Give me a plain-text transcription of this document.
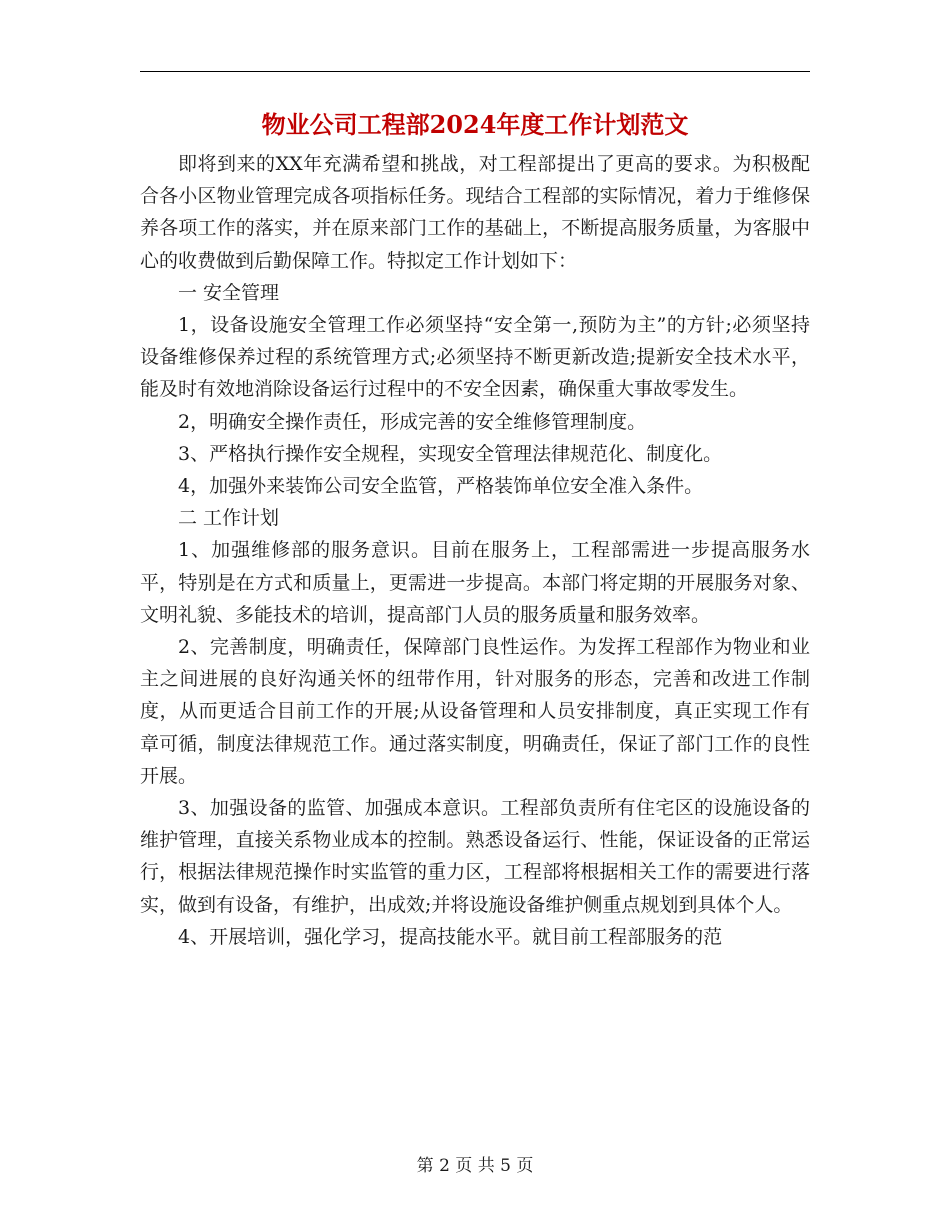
物业公司工程部2024年度工作计划范文

即将到来的XX年充满希望和挑战，对工程部提出了更高的要求。为积极配合各小区物业管理完成各项指标任务。现结合工程部的实际情况，着力于维修保养各项工作的落实，并在原来部门工作的基础上，不断提高服务质量，为客服中心的收费做到后勤保障工作。特拟定工作计划如下：

一 安全管理

1，设备设施安全管理工作必须坚持“安全第一,预防为主”的方针;必须坚持设备维修保养过程的系统管理方式;必须坚持不断更新改造;提新安全技术水平，能及时有效地消除设备运行过程中的不安全因素，确保重大事故零发生。

2，明确安全操作责任，形成完善的安全维修管理制度。

3、严格执行操作安全规程，实现安全管理法律规范化、制度化。

4，加强外来装饰公司安全监管，严格装饰单位安全准入条件。

二 工作计划

1、加强维修部的服务意识。目前在服务上，工程部需进一步提高服务水平，特别是在方式和质量上，更需进一步提高。本部门将定期的开展服务对象、文明礼貌、多能技术的培训，提高部门人员的服务质量和服务效率。

2、完善制度，明确责任，保障部门良性运作。为发挥工程部作为物业和业主之间进展的良好沟通关怀的纽带作用，针对服务的形态，完善和改进工作制度，从而更适合目前工作的开展;从设备管理和人员安排制度，真正实现工作有章可循，制度法律规范工作。通过落实制度，明确责任，保证了部门工作的良性开展。

3、加强设备的监管、加强成本意识。工程部负责所有住宅区的设施设备的维护管理，直接关系物业成本的控制。熟悉设备运行、性能，保证设备的正常运行，根据法律规范操作时实监管的重力区，工程部将根据相关工作的需要进行落实，做到有设备，有维护，出成效;并将设施设备维护侧重点规划到具体个人。

4、开展培训，强化学习，提高技能水平。就目前工程部服务的范

第 2 页 共 5 页
